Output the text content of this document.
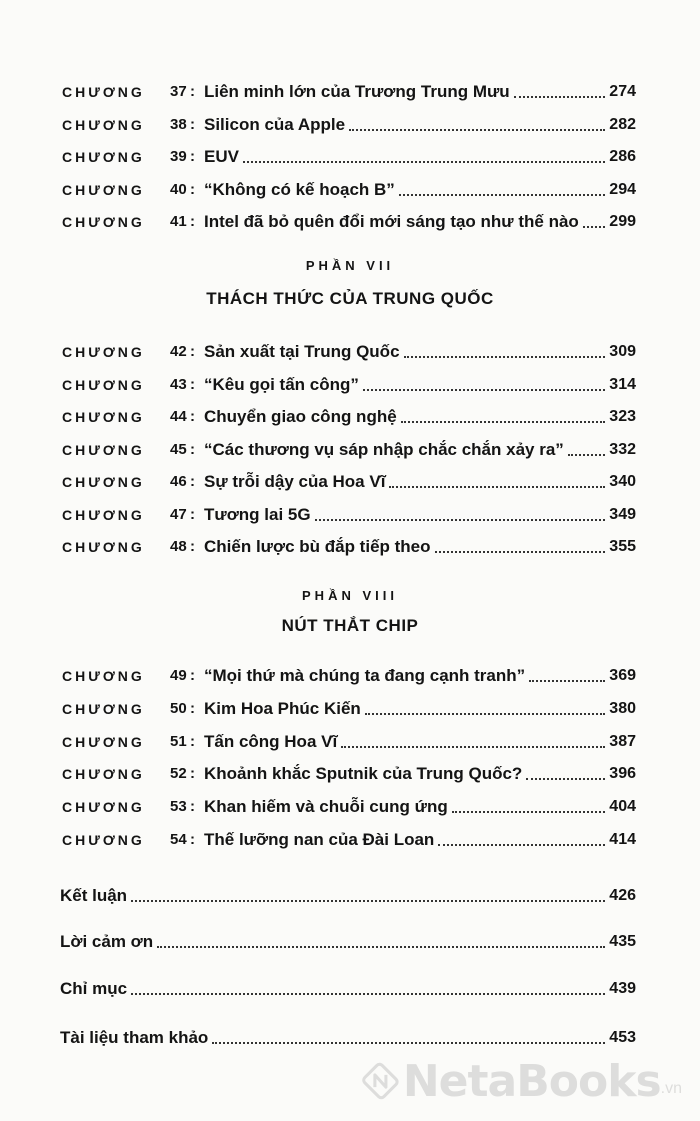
CHƯƠNG	37 : Liên minh lớn của Trương Trung Mưu	274
CHƯƠNG	38 : Silicon của Apple	282
CHƯƠNG	39 : EUV	286
CHƯƠNG	40 : “Không có kế hoạch B”	294
CHƯƠNG	41 : Intel đã bỏ quên đổi mới sáng tạo như thế nào 299
PHẦN VII
THÁCH THỨC CỦA TRUNG QUỐC
CHƯƠNG	42 : Sản xuất tại Trung Quốc	309
CHƯƠNG	43 : “Kêu gọi tấn công”	314
CHƯƠNG	44 : Chuyển giao công nghệ	323
CHƯƠNG	45 : “Các thương vụ sáp nhập chắc chắn xảy ra”	332
CHƯƠNG	46 : Sự trỗi dậy của Hoa Vĩ	340
CHƯƠNG	47 : Tương lai 5G	349
CHƯƠNG	48 : Chiến lược bù đắp tiếp theo	355
PHẦN VIII
NÚT THẮT CHIP
CHƯƠNG	49 : “Mọi thứ mà chúng ta đang cạnh tranh”	369
CHƯƠNG	50 : Kim Hoa Phúc Kiến	380
CHƯƠNG	51 : Tấn công Hoa Vĩ	387
CHƯƠNG	52 : Khoảnh khắc Sputnik của Trung Quốc?	396
CHƯƠNG	53 : Khan hiếm và chuỗi cung ứng	404
CHƯƠNG	54 : Thế lưỡng nan của Đài Loan	414
Kết luận	426
Lời cảm ơn	435
Chỉ mục	439
Tài liệu tham khảo	453
NetaBooks .vn
